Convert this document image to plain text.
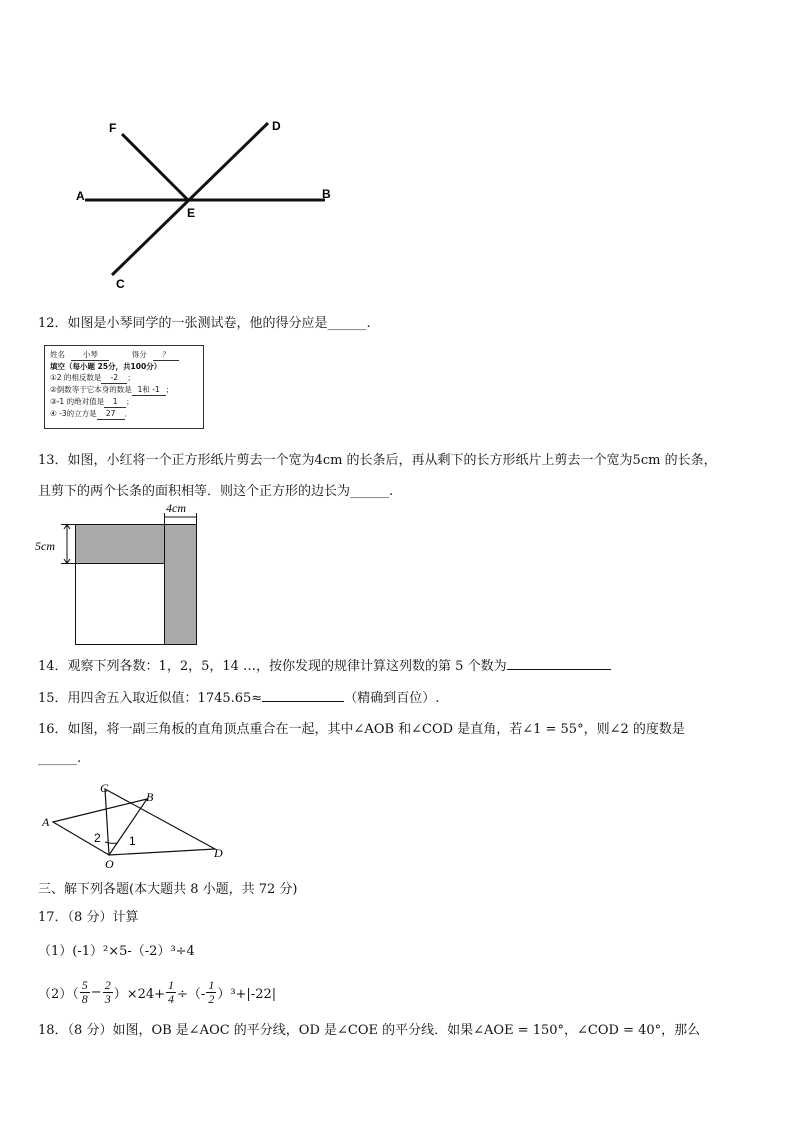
F	D
A	B
E
C
12．如图是小琴同学的一张测试卷，他的得分应是______.
姓名 小琴	得分 ？
填空（每小题 25分，共100分）
①2 的相反数是 -2 ；
②倒数等于它本身的数是 1和 -1 ；
③-1 的绝对值是 1 ；
④ -3的立方是 27 ．
13．如图，小红将一个正方形纸片剪去一个宽为4cm 的长条后，再从剩下的长方形纸片上剪去一个宽为5cm 的长条，
且剪下的两个长条的面积相等．则这个正方形的边长为______.
4cm
5cm
14．观察下列各数：1，2，5，14 …，按你发现的规律计算这列数的第 5 个数为
15．用四舍五入取近似值：1745.65≈	（精确到百位）.
16．如图，将一副三角板的直角顶点重合在一起，其中∠AOB 和∠COD 是直角，若∠1 = 55°，则∠2 的度数是
______.
A
B
C
D
O
1
2
三、解下列各题(本大题共 8 小题，共 72 分)
17．（8 分）计算
（1）(-1）²×5-（-2）³÷4
$(2)( \frac{5}{8} - \frac{2}{3} )\times 24+ \frac{1}{4}$ ÷（- $\frac{1}{2} )^3+|-22|$
18．（8 分）如图，OB 是∠AOC 的平分线，OD 是∠COE 的平分线．如果∠AOE = 150°，∠COD = 40°，那么
